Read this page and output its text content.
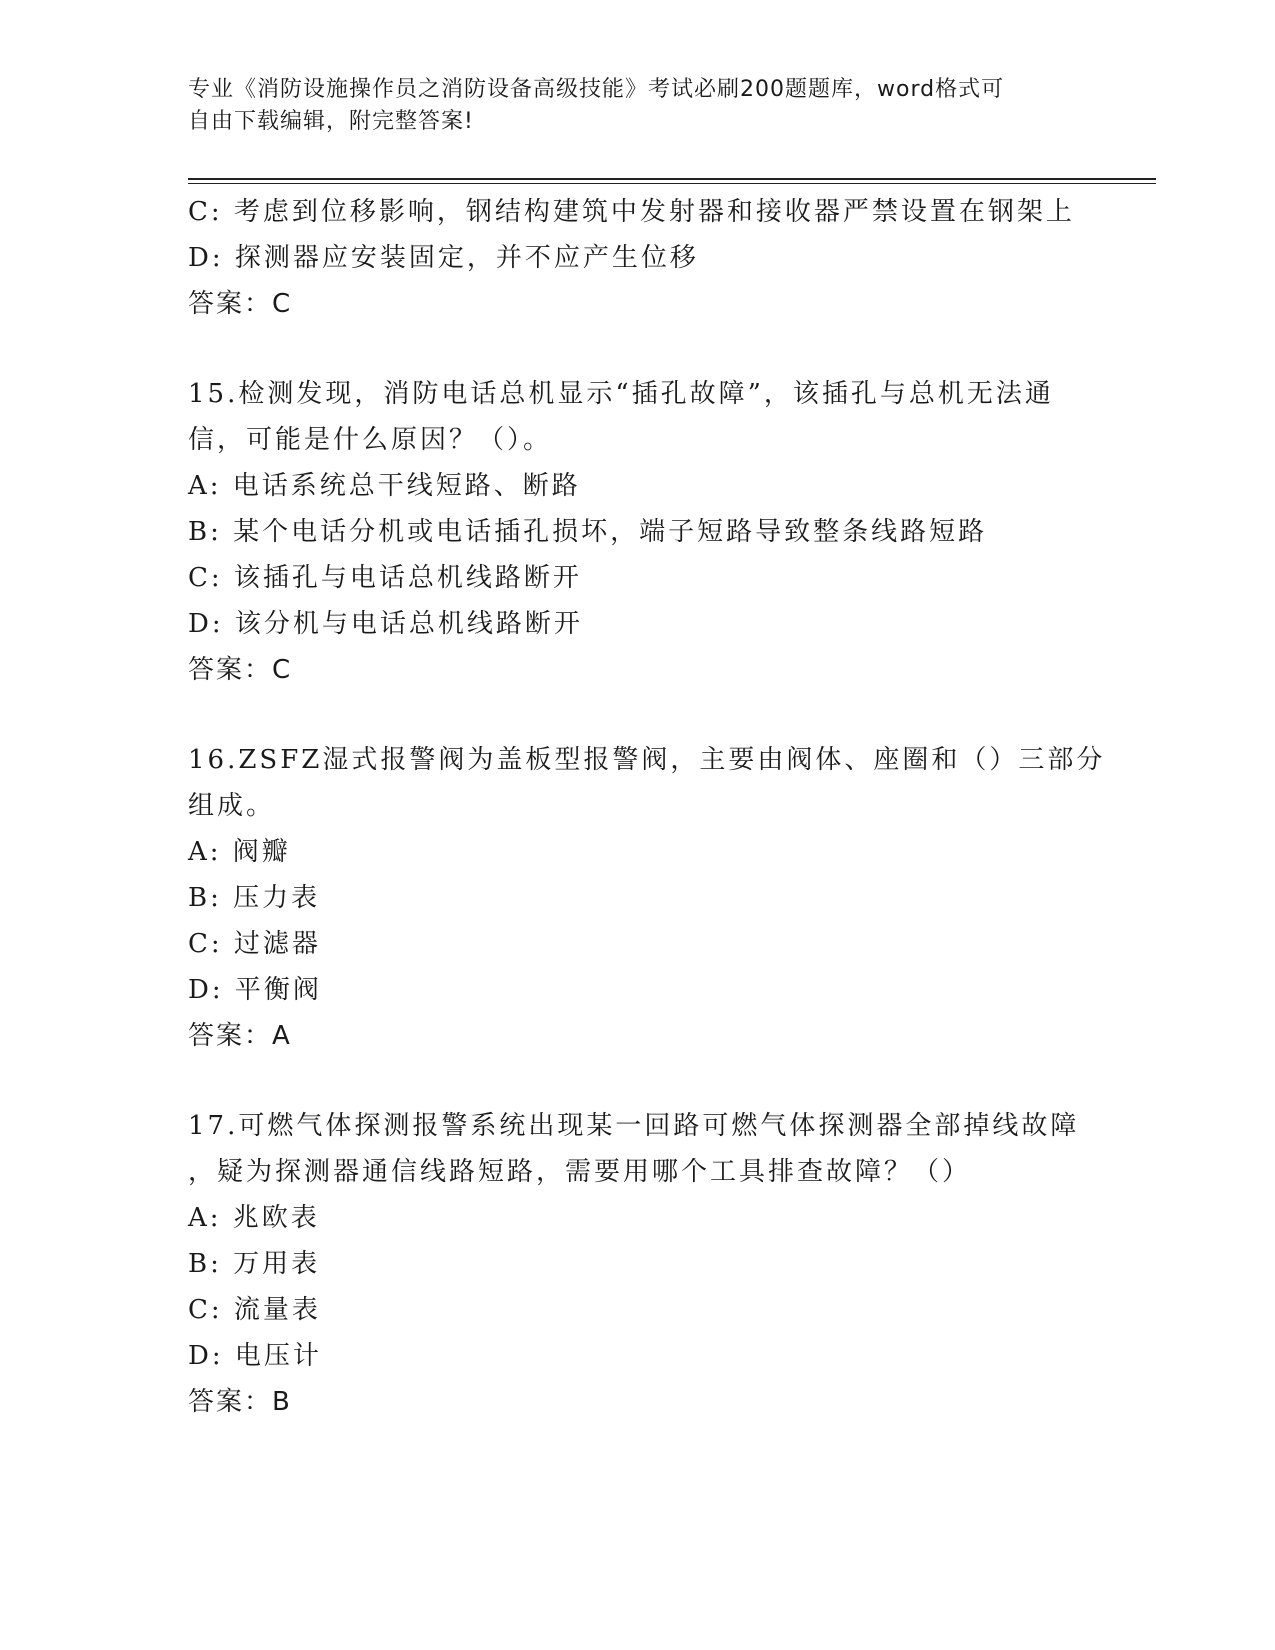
专业《消防设施操作员之消防设备高级技能》考试必刷200题题库，word格式可
自由下载编辑，附完整答案!
C: 考虑到位移影响，钢结构建筑中发射器和接收器严禁设置在钢架上
D: 探测器应安装固定，并不应产生位移
答案：C
15.检测发现，消防电话总机显示“插孔故障”，该插孔与总机无法通
信，可能是什么原因？（）。
A: 电话系统总干线短路、断路
B: 某个电话分机或电话插孔损坏，端子短路导致整条线路短路
C: 该插孔与电话总机线路断开
D: 该分机与电话总机线路断开
答案：C
16.ZSFZ湿式报警阀为盖板型报警阀，主要由阀体、座圈和（）三部分
组成。
A: 阀瓣
B: 压力表
C: 过滤器
D: 平衡阀
答案：A
17.可燃气体探测报警系统出现某一回路可燃气体探测器全部掉线故障
，疑为探测器通信线路短路，需要用哪个工具排查故障？（）
A: 兆欧表
B: 万用表
C: 流量表
D: 电压计
答案：B
